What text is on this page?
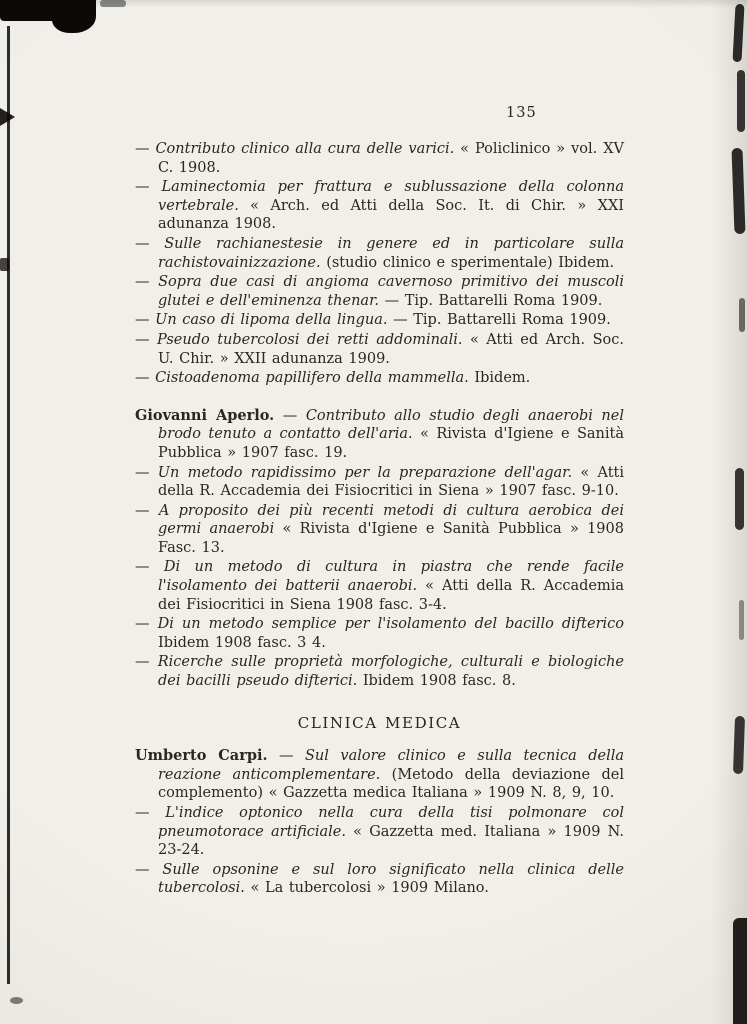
135

— Contributo clinico alla cura delle varici. « Policlinico » vol. XV C. 1908.

— Laminectomia per frattura e sublussazione della colonna vertebrale. « Arch. ed Atti della Soc. It. di Chir. » XXI adunanza 1908.

— Sulle rachianestesie in genere ed in particolare sulla rachistovainizzazione. (studio clinico e sperimentale) Ibidem.

— Sopra due casi di angioma cavernoso primitivo dei muscoli glutei e dell'eminenza thenar. — Tip. Battarelli Roma 1909.

— Un caso di lipoma della lingua. — Tip. Battarelli Roma 1909.

— Pseudo tubercolosi dei retti addominali. « Atti ed Arch. Soc. U. Chir. » XXII adunanza 1909.

— Cistoadenoma papillifero della mammella. Ibidem.

Giovanni Aperlo. — Contributo allo studio degli anaerobi nel brodo tenuto a contatto dell'aria. « Rivista d'Igiene e Sanità Pubblica » 1907 fasc. 19.

— Un metodo rapidissimo per la preparazione dell'agar. « Atti della R. Accademia dei Fisiocritici in Siena » 1907 fasc. 9-10.

— A proposito dei più recenti metodi di cultura aerobica dei germi anaerobi « Rivista d'Igiene e Sanità Pubblica » 1908 Fasc. 13.

— Di un metodo di cultura in piastra che rende facile l'isolamento dei batterii anaerobi. « Atti della R. Accademia dei Fisiocritici in Siena 1908 fasc. 3-4.

— Di un metodo semplice per l'isolamento del bacillo difterico Ibidem 1908 fasc. 3 4.

— Ricerche sulle proprietà morfologiche, culturali e biologiche dei bacilli pseudo difterici. Ibidem 1908 fasc. 8.

CLINICA MEDICA

Umberto Carpi. — Sul valore clinico e sulla tecnica della reazione anticomplementare. (Metodo della deviazione del complemento) « Gazzetta medica Italiana » 1909 N. 8, 9, 10.

— L'indice optonico nella cura della tisi polmonare col pneumotorace artificiale. « Gazzetta med. Italiana » 1909 N. 23-24.

— Sulle opsonine e sul loro significato nella clinica delle tubercolosi. « La tubercolosi » 1909 Milano.
